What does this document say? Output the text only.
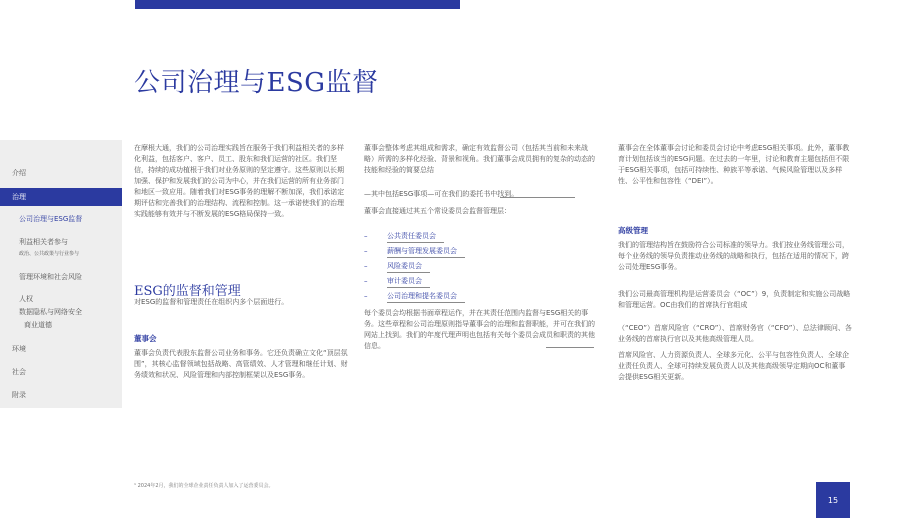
公司治理与ESG监督
介绍
治理
公司治理与ESG监督
利益相关者参与
政治、公共政策与行业参与
管理环境和社会风险
人权
数据隐私与网络安全
商业道德
环境
社会
附录

在摩根大通，我们的公司治理实践旨在服务于我们利益相关者的多样化利益，包括客户、客户、员工、股东和我们运营的社区。我们坚信，持续的成功植根于我们对业务原则的坚定遵守。这些原则以长期加强、保护和发展我们的公司为中心，并在我们运营的所有业务部门和地区一致应用。随着我们对ESG事务的理解不断加深，我们承诺定期评估和完善我们的治理结构、流程和控制。这一承诺使我们的治理实践能够有效并与不断发展的ESG格局保持一致。

ESG的监督和管理

对ESG的监督和管理责任在组织内多个层面进行。

董事会

董事会负责代表股东监督公司业务和事务。它还负责确立文化“顶层氛围”，其核心监督领域包括战略、高管绩效、人才管理和继任计划、财务绩效和状况、风险管理和内部控制框架以及ESG事务。

董事会整体考虑其组成和需求，确定有效监督公司（包括其当前和未来战略）所需的多样化经验、背景和视角。我们董事会成员拥有的复杂的动态的技能和经验的简要总结

—其中包括ESG事项—可在我们的委托书中找到。

董事会直接通过其五个常设委员会监督管理层：

–	公共责任委员会
–	薪酬与管理发展委员会
–	风险委员会
–	审计委员会
–	公司治理和提名委员会

每个委员会均根据书面章程运作，并在其责任范围内监督与ESG相关的事务。这些章程和公司治理原则指导董事会的治理和监督职能，并可在我们的网站上找到。我们的年度代理声明也包括有关每个委员会成员和职责的其他信息。

董事会在全体董事会讨论和委员会讨论中考虑ESG相关事项。此外，董事教育计划包括该当的ESG问题。在过去的一年里，讨论和教育主题包括但不限于ESG相关事项，包括可持续性、种族平等承诺、气候风险管理以及多样性、公平性和包容性（“DEI”）。

高级管理

我们的管理结构旨在鼓励符合公司标准的领导力。我们按业务线管理公司，每个业务线的领导负责推动业务线的战略和执行，包括在适用的情况下，跨公司处理ESG事务。

我们公司最高管理机构是运营委员会（“OC”）9，负责制定和实施公司战略和管理运营。OC由我们的首席执行官组成

（“CEO”）首席风险官（“CRO”）、首席财务官（“CFO”）、总法律顾问、各业务线的首席执行官以及其他高级管理人员。

首席风险官、人力资源负责人、全球多元化、公平与包容性负责人、全球企业责任负责人、全球可持续发展负责人以及其他高级领导定期向OC和董事会提供ESG相关更新。

¹ 2024年2月，我们的全球企业责任负责人加入了运营委员会。
15
